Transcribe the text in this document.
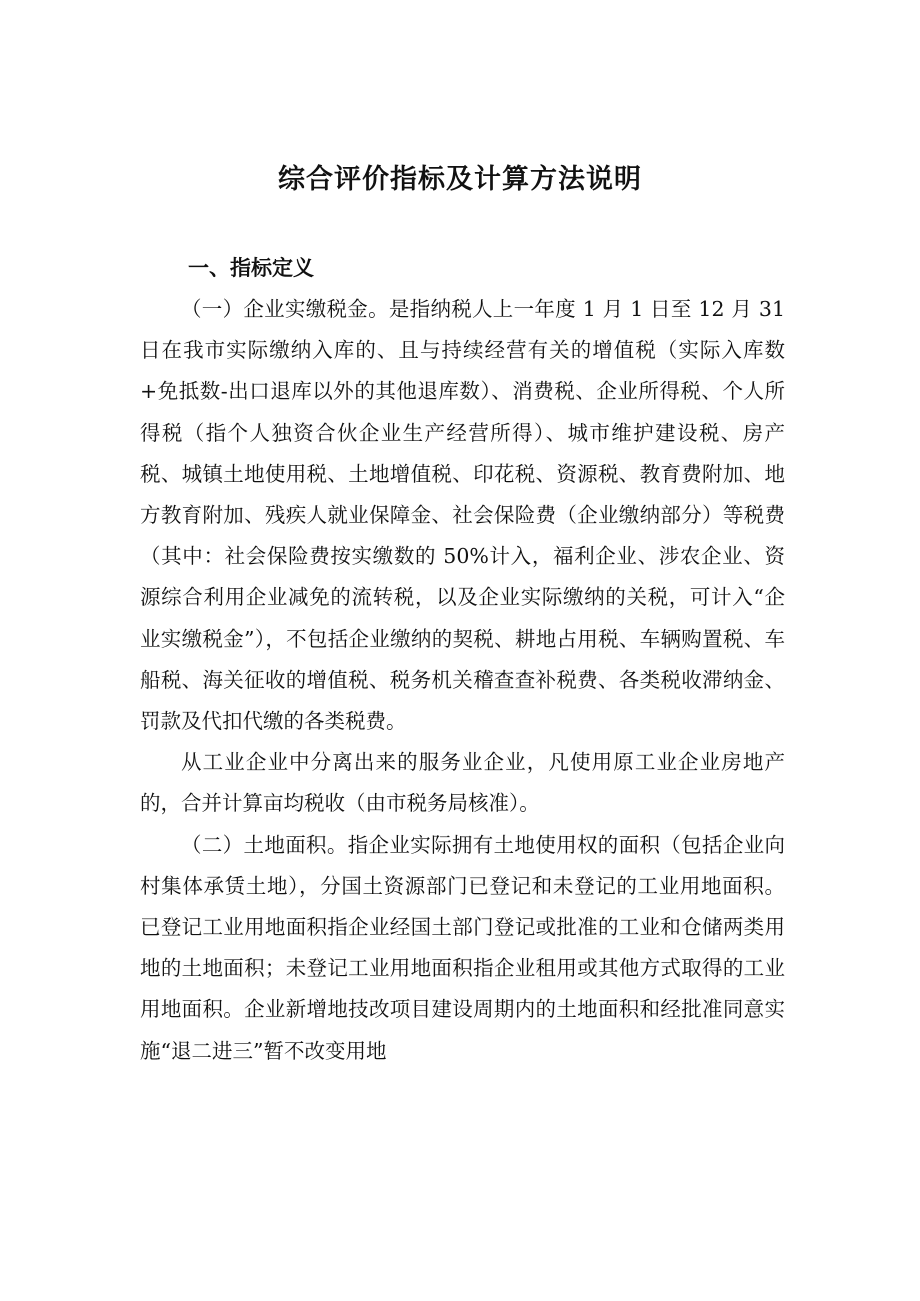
综合评价指标及计算方法说明
一、指标定义

（一）企业实缴税金。是指纳税人上一年度 1 月 1 日至 12 月 31 日在我市实际缴纳入库的、且与持续经营有关的增值税（实际入库数+免抵数-出口退库以外的其他退库数）、消费税、企业所得税、个人所得税（指个人独资合伙企业生产经营所得）、城市维护建设税、房产税、城镇土地使用税、土地增值税、印花税、资源税、教育费附加、地方教育附加、残疾人就业保障金、社会保险费（企业缴纳部分）等税费（其中：社会保险费按实缴数的 50%计入，福利企业、涉农企业、资源综合利用企业减免的流转税，以及企业实际缴纳的关税，可计入“企业实缴税金”），不包括企业缴纳的契税、耕地占用税、车辆购置税、车船税、海关征收的增值税、税务机关稽查查补税费、各类税收滞纳金、罚款及代扣代缴的各类税费。

从工业企业中分离出来的服务业企业，凡使用原工业企业房地产的，合并计算亩均税收（由市税务局核准）。

（二）土地面积。指企业实际拥有土地使用权的面积（包括企业向村集体承赁土地），分国土资源部门已登记和未登记的工业用地面积。已登记工业用地面积指企业经国土部门登记或批准的工业和仓储两类用地的土地面积；未登记工业用地面积指企业租用或其他方式取得的工业用地面积。企业新增地技改项目建设周期内的土地面积和经批准同意实施“退二进三”暂不改变用地
